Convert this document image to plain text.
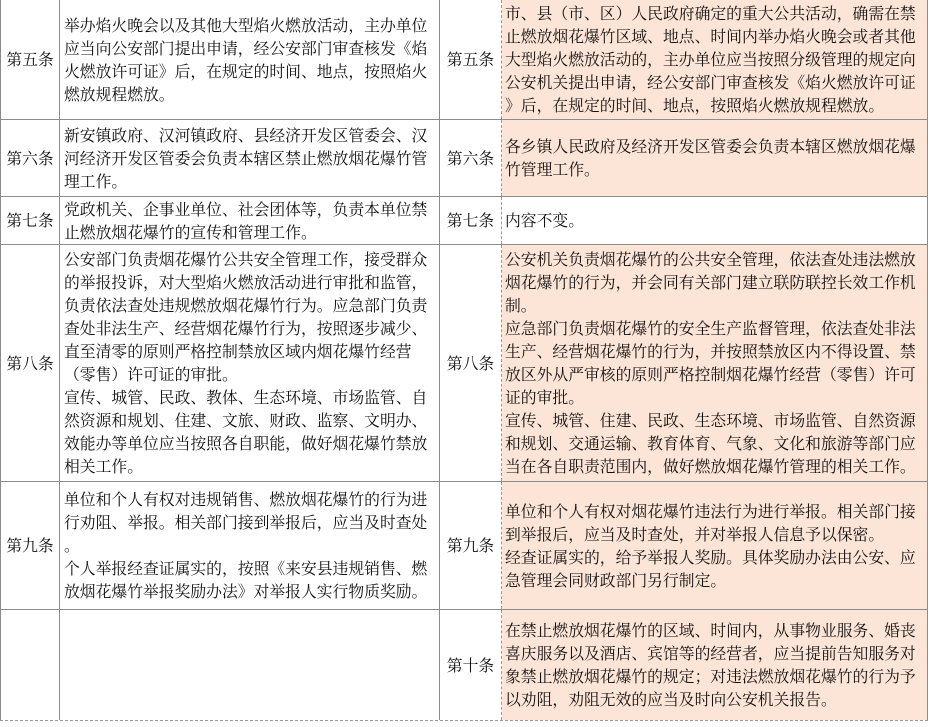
第五条
举办焰火晚会以及其他大型焰火燃放活动，主办单位
应当向公安部门提出申请，经公安部门审查核发《焰
火燃放许可证》后，在规定的时间、地点，按照焰火
燃放规程燃放。
第五条
市、县（市、区）人民政府确定的重大公共活动，确需在禁
止燃放烟花爆竹区域、地点、时间内举办焰火晚会或者其他
大型焰火燃放活动的，主办单位应当按照分级管理的规定向
公安机关提出申请，经公安部门审查核发《焰火燃放许可证
》后，在规定的时间、地点，按照焰火燃放规程燃放。
第六条
新安镇政府、汉河镇政府、县经济开发区管委会、汉
河经济开发区管委会负责本辖区禁止燃放烟花爆竹管
理工作。
第六条
各乡镇人民政府及经济开发区管委会负责本辖区燃放烟花爆
竹管理工作。
第七条
党政机关、企事业单位、社会团体等，负责本单位禁
止燃放烟花爆竹的宣传和管理工作。
第七条 内容不变。
第八条
公安部门负责烟花爆竹公共安全管理工作，接受群众
的举报投诉，对大型焰火燃放活动进行审批和监管，
负责依法查处违规燃放烟花爆竹行为。应急部门负责
查处非法生产、经营烟花爆竹行为，按照逐步减少、
直至清零的原则严格控制禁放区域内烟花爆竹经营
（零售）许可证的审批。
宣传、城管、民政、教体、生态环境、市场监管、自
然资源和规划、住建、文旅、财政、监察、文明办、
效能办等单位应当按照各自职能，做好烟花爆竹禁放
相关工作。
第八条
公安机关负责烟花爆竹的公共安全管理，依法查处违法燃放
烟花爆竹的行为，并会同有关部门建立联防联控长效工作机
制。
应急部门负责烟花爆竹的安全生产监督管理，依法查处非法
生产、经营烟花爆竹的行为，并按照禁放区内不得设置、禁
放区外从严审核的原则严格控制烟花爆竹经营（零售）许可
证的审批。
宣传、城管、住建、民政、生态环境、市场监管、自然资源
和规划、交通运输、教育体育、气象、文化和旅游等部门应
当在各自职责范围内，做好燃放烟花爆竹管理的相关工作。
第九条
单位和个人有权对违规销售、燃放烟花爆竹的行为进
行劝阻、举报。相关部门接到举报后，应当及时查处
。
个人举报经查证属实的，按照《来安县违规销售、燃
放烟花爆竹举报奖励办法》对举报人实行物质奖励。
第九条
单位和个人有权对烟花爆竹违法行为进行举报。相关部门接
到举报后，应当及时查处，并对举报人信息予以保密。
经查证属实的，给予举报人奖励。具体奖励办法由公安、应
急管理会同财政部门另行制定。
第十条
在禁止燃放烟花爆竹的区域、时间内，从事物业服务、婚丧
喜庆服务以及酒店、宾馆等的经营者，应当提前告知服务对
象禁止燃放烟花爆竹的规定；对违法燃放烟花爆竹的行为予
以劝阻，劝阻无效的应当及时向公安机关报告。
